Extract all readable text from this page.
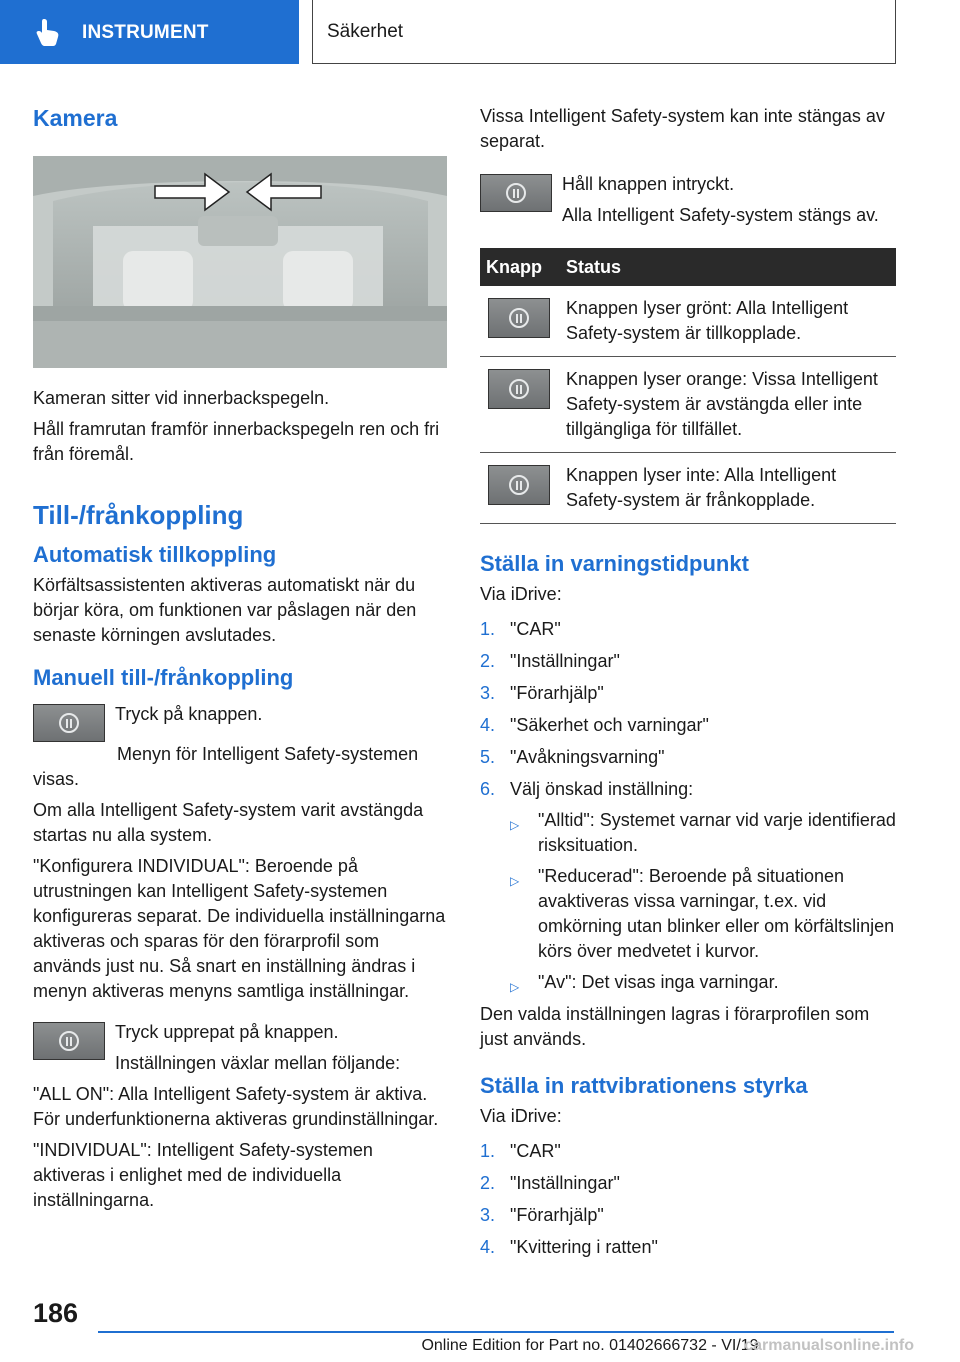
INSTRUMENT	Säkerhet
Kamera

Kameran sitter vid innerbackspegeln.

Håll framrutan framför innerbackspegeln ren och fri från föremål.

Till-/frånkoppling
Automatisk tillkoppling

Körfältsassistenten aktiveras automatiskt när du börjar köra, om funktionen var påslagen när den senaste körningen avslutades.

Manuell till-/frånkoppling

Tryck på knappen.

Menyn för Intelligent Safety-systemen visas.

Om alla Intelligent Safety-system varit avstängda startas nu alla system.

"Konfigurera INDIVIDUAL": Beroende på utrustningen kan Intelligent Safety-systemen konfigureras separat. De individuella inställningarna aktiveras och sparas för den förarprofil som används just nu. Så snart en inställning ändras i menyn aktiveras menyns samtliga inställningar.

Tryck upprepat på knappen.

Inställningen växlar mellan följande:

"ALL ON": Alla Intelligent Safety-system är aktiva. För underfunktionerna aktiveras grundinställningar.

"INDIVIDUAL": Intelligent Safety-systemen aktiveras i enlighet med de individuella inställningarna.

Vissa Intelligent Safety-system kan inte stängas av separat.

Håll knappen intryckt.

Alla Intelligent Safety-system stängs av.

Knapp	Status

	Knappen lyser grönt: Alla Intelligent Safety-system är tillkopplade.

	Knappen lyser orange: Vissa Intelligent Safety-system är avstängda eller inte tillgängliga för tillfället.

	Knappen lyser inte: Alla Intelligent Safety-system är frånkopplade.
Ställa in varningstidpunkt

Via iDrive:

1. "CAR"
2. "Inställningar"
3. "Förarhjälp"
4. "Säkerhet och varningar"
5. "Avåkningsvarning"
6. Välj önskad inställning:
▷ "Alltid": Systemet varnar vid varje identifierad risksituation.
▷ "Reducerad": Beroende på situationen avaktiveras vissa varningar, t.ex. vid omkörning utan blinker eller om körfältslinjen körs över medvetet i kurvor.
▷ "Av": Det visas inga varningar.

Den valda inställningen lagras i förarprofilen som just används.

Ställa in rattvibrationens styrka

Via iDrive:

1. "CAR"
2. "Inställningar"
3. "Förarhjälp"
4. "Kvittering i ratten"
186
Online Edition for Part no. 01402666732 - VI/19
carmanualsonline.info
